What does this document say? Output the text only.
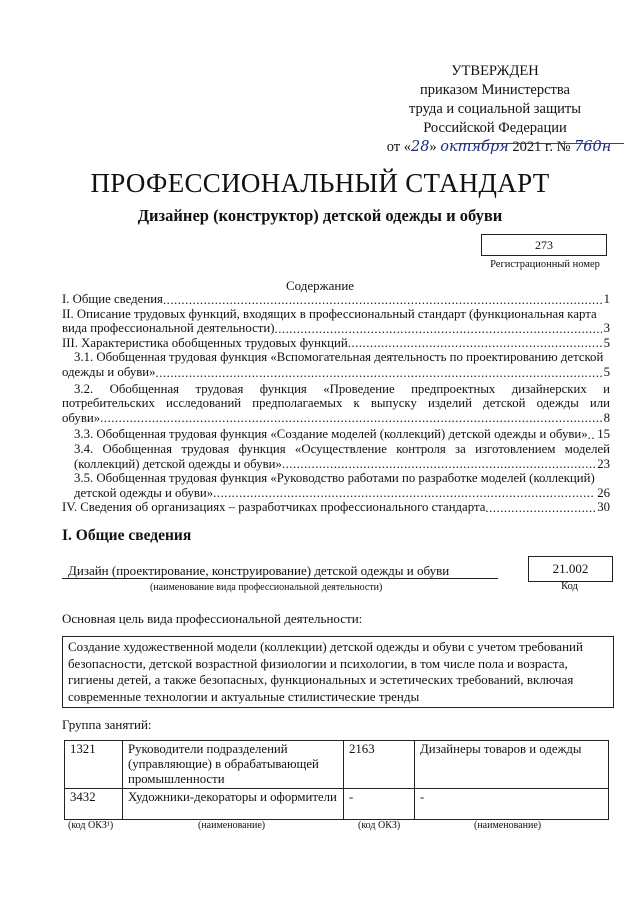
УТВЕРЖДЕН
приказом Министерства
труда и социальной защиты
Российской Федерации
от «28» октября 2021 г. № 760н
ПРОФЕССИОНАЛЬНЫЙ СТАНДАРТ
Дизайнер (конструктор) детской одежды и обуви
273
Регистрационный номер
Содержание
I. Общие сведения .....	1
II. Описание трудовых функций, входящих в профессиональный стандарт (функциональная карта
вида профессиональной деятельности) .....	3
III. Характеристика обобщенных трудовых функций .....	5
3.1. Обобщенная трудовая функция «Вспомогательная деятельность по проектированию детской
одежды и обуви» .....	5
3.2. Обобщенная трудовая функция «Проведение предпроектных дизайнерских и
потребительских исследований предполагаемых к выпуску изделий детской одежды или
обуви» .....	8
3.3. Обобщенная трудовая функция «Создание моделей (коллекций) детской одежды и обуви» ..... 15
3.4. Обобщенная трудовая функция «Осуществление контроля за изготовлением моделей
(коллекций) детской одежды и обуви» .....	23
3.5. Обобщенная трудовая функция «Руководство работами по разработке моделей (коллекций)
детской одежды и обуви» .....	26
IV. Сведения об организациях – разработчиках профессионального стандарта .....	30
I. Общие сведения
Дизайн (проектирование, конструирование) детской одежды и обуви
(наименование вида профессиональной деятельности)
21.002
Код
Основная цель вида профессиональной деятельности:
Создание художественной модели (коллекции) детской одежды и обуви с учетом требований безопасности, детской возрастной физиологии и психологии, в том числе пола и возраста, гигиены детей, а также безопасных, функциональных и эстетических требований, включая современные технологии и актуальные стилистические тренды
Группа занятий:
1321	Руководители подразделений (управляющие) в обрабатывающей промышленности	2163	Дизайнеры товаров и одежды
3432	Художники-декораторы и оформители	-	-
(код ОКЗ¹)	(наименование)	(код ОКЗ)	(наименование)
